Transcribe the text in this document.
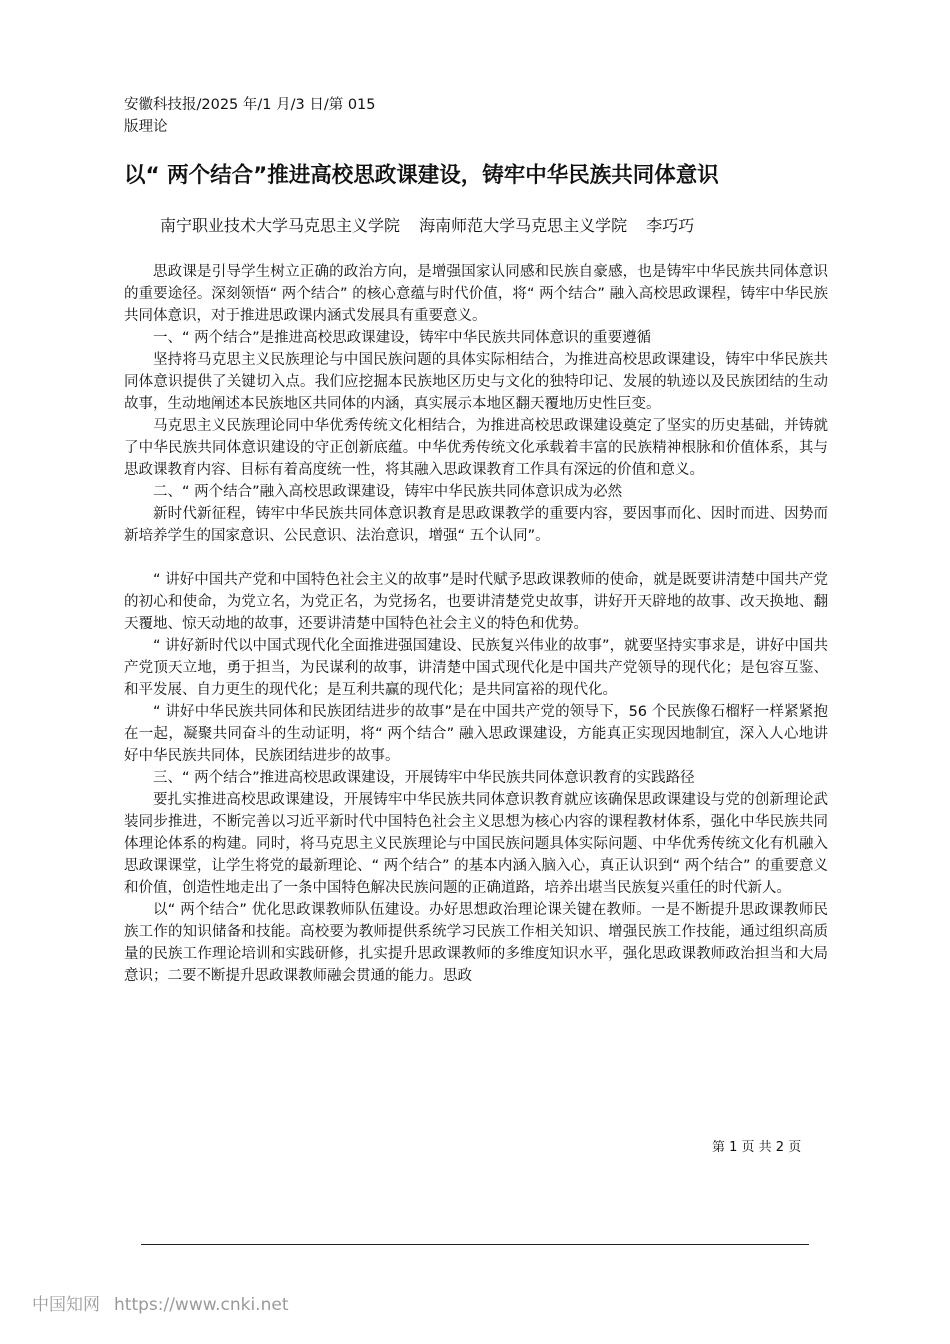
安徽科技报/2025 年/1 月/3 日/第 015
版理论
以“ 两个结合”推进高校思政课建设，铸牢中华民族共同体意识
南宁职业技术大学马克思主义学院 海南师范大学马克思主义学院 李巧巧

思政课是引导学生树立正确的政治方向，是增强国家认同感和民族自豪感，也是铸牢中华民族共同体意识的重要途径。深刻领悟“ 两个结合” 的核心意蕴与时代价值，将“ 两个结合” 融入高校思政课程，铸牢中华民族共同体意识，对于推进思政课内涵式发展具有重要意义。

一、“ 两个结合”是推进高校思政课建设，铸牢中华民族共同体意识的重要遵循

坚持将马克思主义民族理论与中国民族问题的具体实际相结合，为推进高校思政课建设，铸牢中华民族共同体意识提供了关键切入点。我们应挖掘本民族地区历史与文化的独特印记、发展的轨迹以及民族团结的生动故事，生动地阐述本民族地区共同体的内涵，真实展示本地区翻天覆地历史性巨变。

马克思主义民族理论同中华优秀传统文化相结合，为推进高校思政课建设奠定了坚实的历史基础，并铸就了中华民族共同体意识建设的守正创新底蕴。中华优秀传统文化承载着丰富的民族精神根脉和价值体系，其与思政课教育内容、目标有着高度统一性，将其融入思政课教育工作具有深远的价值和意义。

二、“ 两个结合”融入高校思政课建设，铸牢中华民族共同体意识成为必然

新时代新征程，铸牢中华民族共同体意识教育是思政课教学的重要内容，要因事而化、因时而进、因势而新培养学生的国家意识、公民意识、法治意识，增强“ 五个认同”。

“ 讲好中国共产党和中国特色社会主义的故事”是时代赋予思政课教师的使命，就是既要讲清楚中国共产党的初心和使命，为党立名，为党正名，为党扬名，也要讲清楚党史故事，讲好开天辟地的故事、改天换地、翻天覆地、惊天动地的故事，还要讲清楚中国特色社会主义的特色和优势。

“ 讲好新时代以中国式现代化全面推进强国建设、民族复兴伟业的故事”，就要坚持实事求是，讲好中国共产党顶天立地，勇于担当，为民谋利的故事，讲清楚中国式现代化是中国共产党领导的现代化；是包容互鉴、和平发展、自力更生的现代化；是互利共赢的现代化；是共同富裕的现代化。

“ 讲好中华民族共同体和民族团结进步的故事”是在中国共产党的领导下，56 个民族像石榴籽一样紧紧抱在一起，凝聚共同奋斗的生动证明，将“ 两个结合” 融入思政课建设，方能真正实现因地制宜，深入人心地讲好中华民族共同体，民族团结进步的故事。

三、“ 两个结合”推进高校思政课建设，开展铸牢中华民族共同体意识教育的实践路径

要扎实推进高校思政课建设，开展铸牢中华民族共同体意识教育就应该确保思政课建设与党的创新理论武装同步推进，不断完善以习近平新时代中国特色社会主义思想为核心内容的课程教材体系，强化中华民族共同体理论体系的构建。同时，将马克思主义民族理论与中国民族问题具体实际问题、中华优秀传统文化有机融入思政课课堂，让学生将党的最新理论、“ 两个结合” 的基本内涵入脑入心，真正认识到“ 两个结合” 的重要意义和价值，创造性地走出了一条中国特色解决民族问题的正确道路，培养出堪当民族复兴重任的时代新人。

以“ 两个结合” 优化思政课教师队伍建设。办好思想政治理论课关键在教师。一是不断提升思政课教师民族工作的知识储备和技能。高校要为教师提供系统学习民族工作相关知识、增强民族工作技能，通过组织高质量的民族工作理论培训和实践研修，扎实提升思政课教师的多维度知识水平，强化思政课教师政治担当和大局意识；二要不断提升思政课教师融会贯通的能力。思政

第 1 页 共 2 页
中国知网 https://www.cnki.net
